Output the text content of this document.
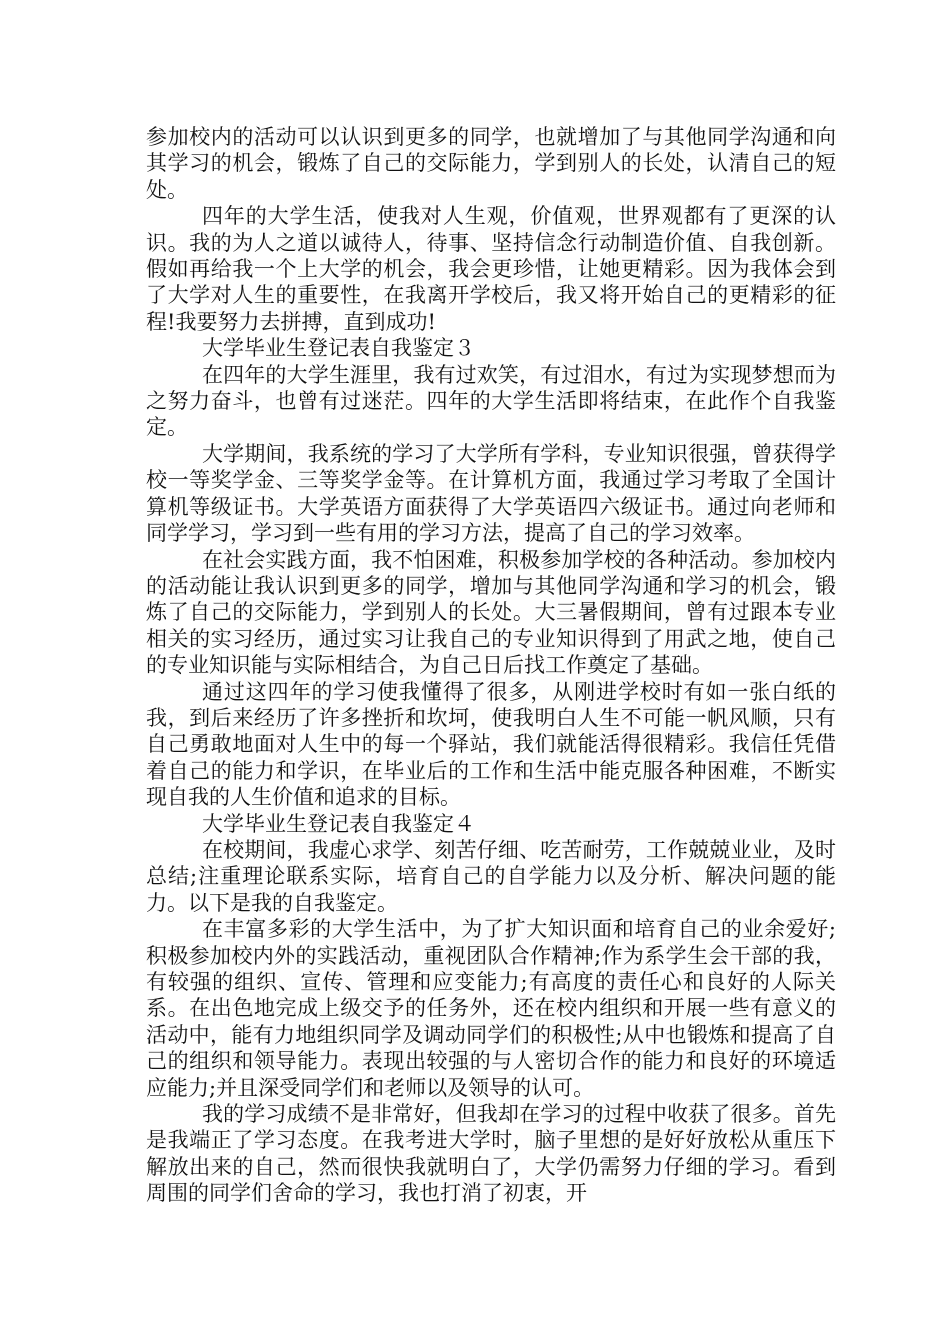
参加校内的活动可以认识到更多的同学，也就增加了与其他同学沟通和向其学习的机会，锻炼了自己的交际能力，学到别人的长处，认清自己的短处。

四年的大学生活，使我对人生观，价值观，世界观都有了更深的认识。我的为人之道以诚待人，待事、坚持信念行动制造价值、自我创新。假如再给我一个上大学的机会，我会更珍惜，让她更精彩。因为我体会到了大学对人生的重要性，在我离开学校后，我又将开始自己的更精彩的征程!我要努力去拼搏，直到成功!

大学毕业生登记表自我鉴定３

在四年的大学生涯里，我有过欢笑，有过泪水，有过为实现梦想而为之努力奋斗，也曾有过迷茫。四年的大学生活即将结束，在此作个自我鉴定。

大学期间，我系统的学习了大学所有学科，专业知识很强，曾获得学校一等奖学金、三等奖学金等。在计算机方面，我通过学习考取了全国计算机等级证书。大学英语方面获得了大学英语四六级证书。通过向老师和同学学习，学习到一些有用的学习方法，提高了自己的学习效率。

在社会实践方面，我不怕困难，积极参加学校的各种活动。参加校内的活动能让我认识到更多的同学，增加与其他同学沟通和学习的机会，锻炼了自己的交际能力，学到别人的长处。大三暑假期间，曾有过跟本专业相关的实习经历，通过实习让我自己的专业知识得到了用武之地，使自己的专业知识能与实际相结合，为自己日后找工作奠定了基础。

通过这四年的学习使我懂得了很多，从刚进学校时有如一张白纸的我，到后来经历了许多挫折和坎坷，使我明白人生不可能一帆风顺，只有自己勇敢地面对人生中的每一个驿站，我们就能活得很精彩。我信任凭借着自己的能力和学识，在毕业后的工作和生活中能克服各种困难，不断实现自我的人生价值和追求的目标。

大学毕业生登记表自我鉴定４

在校期间，我虚心求学、刻苦仔细、吃苦耐劳，工作兢兢业业，及时总结;注重理论联系实际，培育自己的自学能力以及分析、解决问题的能力。以下是我的自我鉴定。

在丰富多彩的大学生活中，为了扩大知识面和培育自己的业余爱好;积极参加校内外的实践活动，重视团队合作精神;作为系学生会干部的我，有较强的组织、宣传、管理和应变能力;有高度的责任心和良好的人际关系。在出色地完成上级交予的任务外，还在校内组织和开展一些有意义的活动中，能有力地组织同学及调动同学们的积极性;从中也锻炼和提高了自己的组织和领导能力。表现出较强的与人密切合作的能力和良好的环境适应能力;并且深受同学们和老师以及领导的认可。

我的学习成绩不是非常好，但我却在学习的过程中收获了很多。首先是我端正了学习态度。在我考进大学时，脑子里想的是好好放松从重压下解放出来的自己，然而很快我就明白了，大学仍需努力仔细的学习。看到周围的同学们舍命的学习，我也打消了初衷，开
